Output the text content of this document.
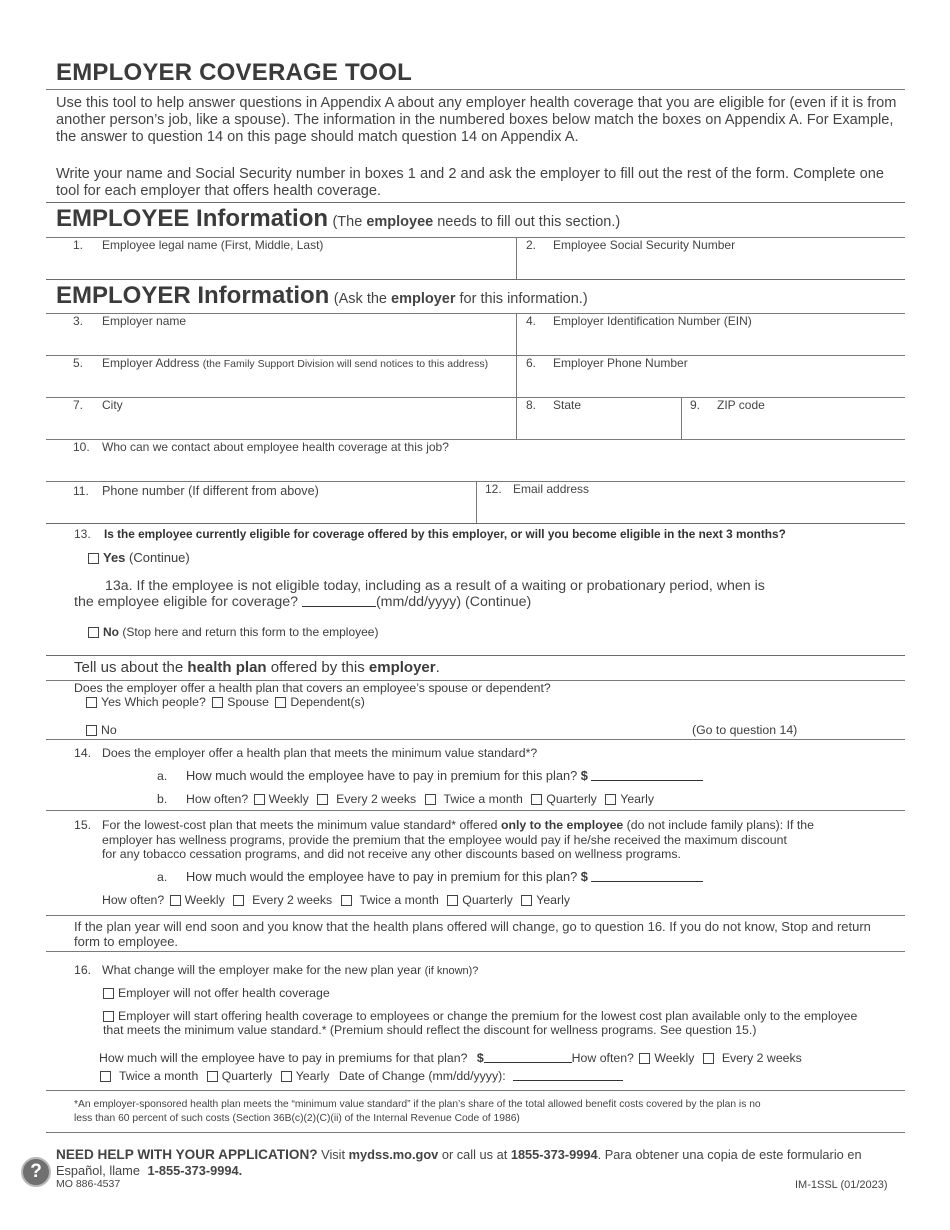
EMPLOYER COVERAGE TOOL
Use this tool to help answer questions in Appendix A about any employer health coverage that you are eligible for (even if it is from another person’s job, like a spouse). The information in the numbered boxes below match the boxes on Appendix A. For Example, the answer to question 14 on this page should match question 14 on Appendix A.
Write your name and Social Security number in boxes 1 and 2 and ask the employer to fill out the rest of the form. Complete one tool for each employer that offers health coverage.
EMPLOYEE Information (The employee needs to fill out this section.)
1. Employee legal name (First, Middle, Last)	2. Employee Social Security Number
EMPLOYER Information (Ask the employer for this information.)
3. Employer name	4. Employer Identification Number (EIN)
5. Employer Address (the Family Support Division will send notices to this address)	6. Employer Phone Number
7. City	8. State	9. ZIP code
10. Who can we contact about employee health coverage at this job?
11. Phone number (If different from above)	12. Email address
13. Is the employee currently eligible for coverage offered by this employer, or will you become eligible in the next 3 months?
Yes (Continue)
13a. If the employee is not eligible today, including as a result of a waiting or probationary period, when is
the employee eligible for coverage?	(mm/dd/yyyy) (Continue)
No (Stop here and return this form to the employee)
Tell us about the health plan offered by this employer.
Does the employer offer a health plan that covers an employee’s spouse or dependent?
Yes Which people? Spouse Dependent(s)
No	(Go to question 14)
14. Does the employer offer a health plan that meets the minimum value standard*?
a. How much would the employee have to pay in premium for this plan? $
b. How often? Weekly Every 2 weeks Twice a month Quarterly Yearly
15. For the lowest-cost plan that meets the minimum value standard* offered only to the employee (do not include family plans): If the
employer has wellness programs, provide the premium that the employee would pay if he/she received the maximum discount
for any tobacco cessation programs, and did not receive any other discounts based on wellness programs.
a. How much would the employee have to pay in premium for this plan? $
How often? Weekly Every 2 weeks Twice a month Quarterly Yearly
If the plan year will end soon and you know that the health plans offered will change, go to question 16. If you do not know, Stop and return form to employee.
16. What change will the employer make for the new plan year (if known)?
Employer will not offer health coverage
Employer will start offering health coverage to employees or change the premium for the lowest cost plan available only to the employee
that meets the minimum value standard.* (Premium should reflect the discount for wellness programs. See question 15.)
How much will the employee have to pay in premiums for that plan? $	How often? Weekly Every 2 weeks
Twice a month Quarterly Yearly Date of Change (mm/dd/yyyy):
*An employer-sponsored health plan meets the “minimum value standard” if the plan’s share of the total allowed benefit costs covered by the plan is no
less than 60 percent of such costs (Section 36B(c)(2)(C)(ii) of the Internal Revenue Code of 1986)
?
NEED HELP WITH YOUR APPLICATION? Visit mydss.mo.gov or call us at 1855-373-9994. Para obtener una copia de este formulario en
Español, llame 1-855-373-9994.
MO 886-4537	IM-1SSL (01/2023)
